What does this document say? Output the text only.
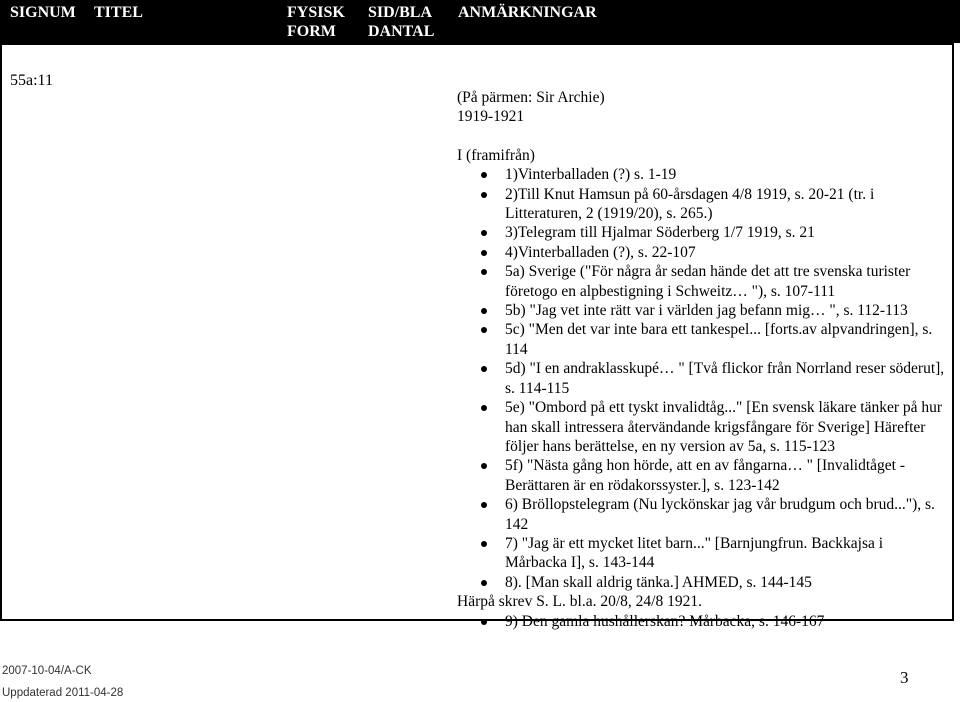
SIGNUM TITEL	FYSISK
FORM
SID/BLA
DANTAL
ANMÄRKNINGAR
55a:11
(På pärmen: Sir Archie)
1919-1921
I (framifrån)
1)Vinterballaden (?) s. 1-19
2)Till Knut Hamsun på 60-årsdagen 4/8 1919, s. 20-21 (tr. i Litteraturen, 2 (1919/20), s. 265.)
3)Telegram till Hjalmar Söderberg 1/7 1919, s. 21
4)Vinterballaden (?), s. 22-107
5a) Sverige ("För några år sedan hände det att tre svenska turister företogo en alpbestigning i Schweitz… "), s. 107-111
5b) "Jag vet inte rätt var i världen jag befann mig… ", s. 112-113
5c) "Men det var inte bara ett tankespel... [forts.av alpvandringen], s. 114
5d) "I en andraklasskupé… " [Två flickor från Norrland reser söderut], s. 114-115
5e) "Ombord på ett tyskt invalidtåg..." [En svensk läkare tänker på hur han skall intressera återvändande krigsfångare för Sverige] Härefter följer hans berättelse, en ny version av 5a, s. 115-123
5f) "Nästa gång hon hörde, att en av fångarna… " [Invalidtåget - Berättaren är en rödakorssyster.], s. 123-142
6) Bröllopstelegram (Nu lyckönskar jag vår brudgum och brud..."), s. 142
7) "Jag är ett mycket litet barn..." [Barnjungfrun. Backkajsa i Mårbacka I], s. 143-144
8). [Man skall aldrig tänka.] AHMED, s. 144-145
Härpå skrev S. L. bl.a. 20/8, 24/8 1921.
9) Den gamla hushållerskan? Mårbacka, s. 146-167
2007-10-04/A-CK
Uppdaterad 2011-04-28
3
